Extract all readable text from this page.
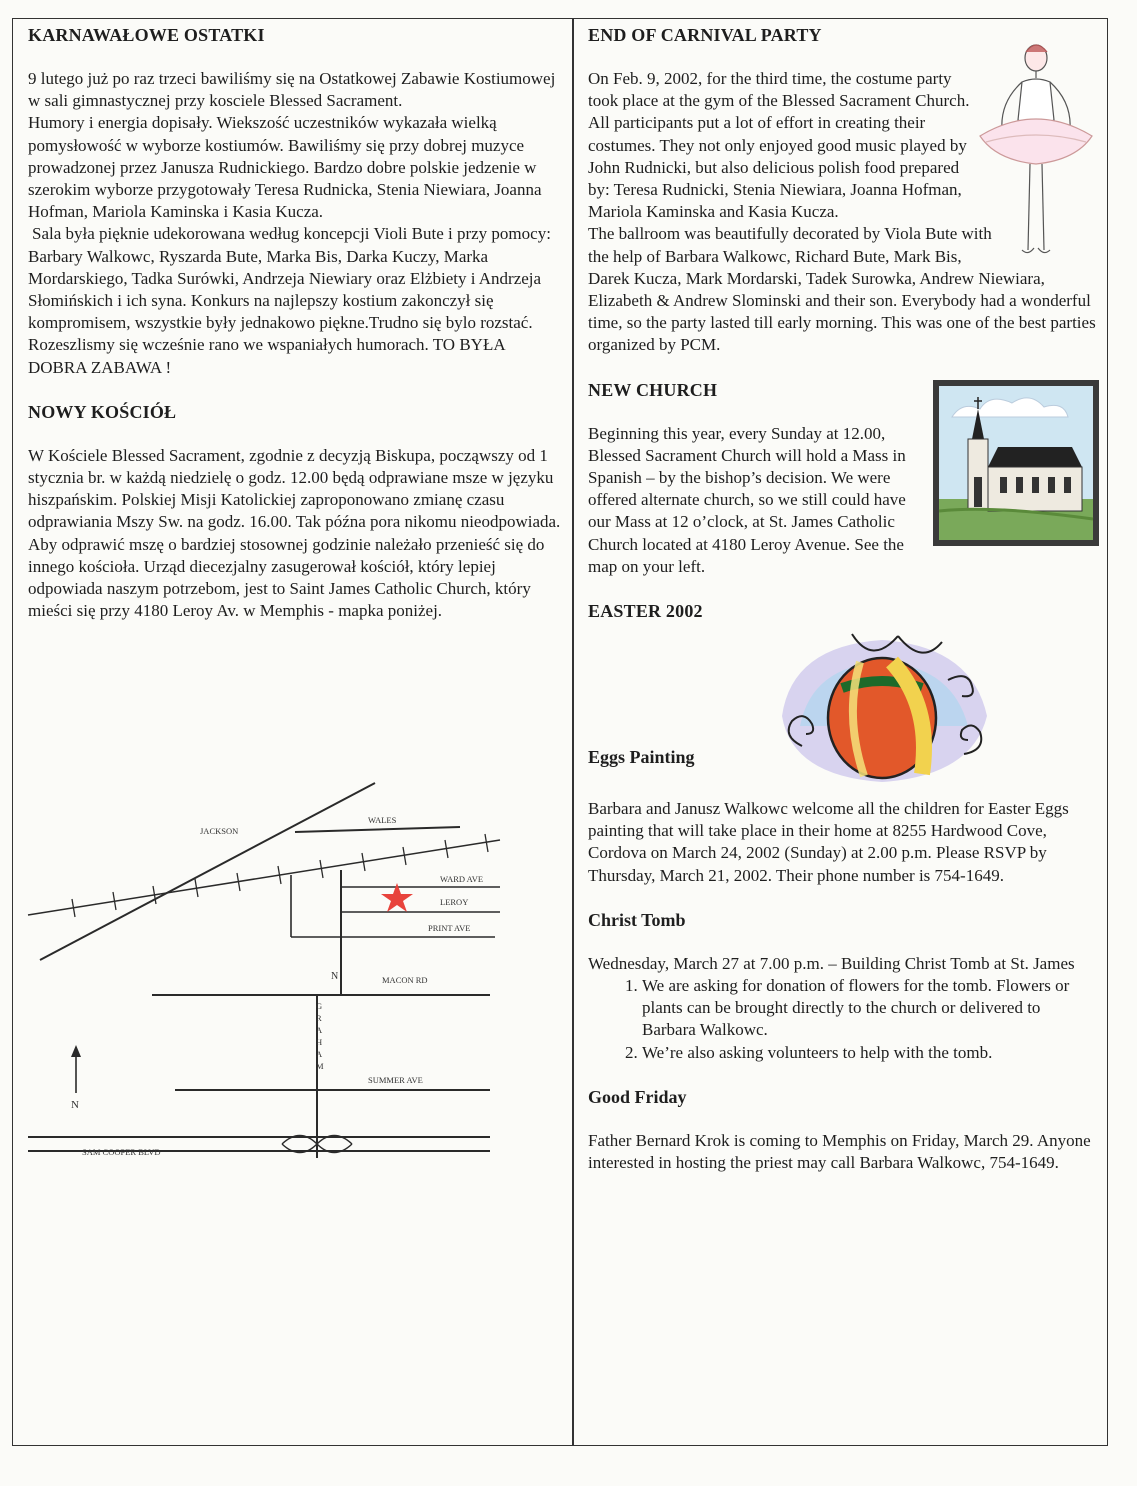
KARNAWAŁOWE OSTATKI

9 lutego już po raz trzeci bawiliśmy się na Ostatkowej Zabawie Kostiumowej w sali gimnastycznej przy kosciele Blessed Sacrament.

Humory i energia dopisały. Wiekszość uczestników wykazała wielką pomysłowość w wyborze kostiumów. Bawiliśmy się przy dobrej muzyce prowadzonej przez Janusza Rudnickiego. Bardzo dobre polskie jedzenie w szerokim wyborze przygotowały Teresa Rudnicka, Stenia Niewiara, Joanna Hofman, Mariola Kaminska i Kasia Kucza.

Sala była pięknie udekorowana według koncepcji Violi Bute i przy pomocy: Barbary Walkowc, Ryszarda Bute, Marka Bis, Darka Kuczy, Marka Mordarskiego, Tadka Surówki, Andrzeja Niewiary oraz Elżbiety i Andrzeja Słomińskich i ich syna. Konkurs na najlepszy kostium zakonczył się kompromisem, wszystkie były jednakowo piękne.Trudno się bylo rozstać. Rozeszlismy się wcześnie rano we wspaniałych humorach. TO BYŁA DOBRA ZABAWA !

NOWY KOŚCIÓŁ

W Kościele Blessed Sacrament, zgodnie z decyzją Biskupa, począwszy od 1 stycznia br. w każdą niedzielę o godz. 12.00 będą odprawiane msze w języku hiszpańskim. Polskiej Misji Katolickiej zaproponowano zmianę czasu odprawiania Mszy Sw. na godz. 16.00. Tak późna pora nikomu nieodpowiada. Aby odprawić mszę o bardziej stosownej godzinie należało przenieść się do innego kościoła. Urząd diecezjalny zasugerował kościół, który lepiej odpowiada naszym potrzebom, jest to Saint James Catholic Church, który mieści się przy 4180 Leroy Av. w Memphis - mapka poniżej.

JACKSON
WALES
WARD AVE
LEROY
PRINT AVE
MACON RD
SUMMER AVE
SAM COOPER BLVD
N
N
G
R
A
H
A
M
END OF CARNIVAL PARTY

On Feb. 9, 2002, for the third time, the costume party took place at the gym of the Blessed Sacrament Church. All participants put a lot of effort in creating their costumes. They not only enjoyed good music played by John Rudnicki, but also delicious polish food prepared by: Teresa Rudnicki, Stenia Niewiara, Joanna Hofman, Mariola Kaminska and Kasia Kucza.

The ballroom was beautifully decorated by Viola Bute with the help of Barbara Walkowc, Richard Bute, Mark Bis, Darek Kucza, Mark Mordarski, Tadek Surowka, Andrew Niewiara, Elizabeth & Andrew Slominski and their son. Everybody had a wonderful time, so the party lasted till early morning. This was one of the best parties organized by PCM.

NEW CHURCH

Beginning this year, every Sunday at 12.00, Blessed Sacrament Church will hold a Mass in Spanish – by the bishop’s decision. We were offered alternate church, so we still could have our Mass at 12 o’clock, at St. James Catholic Church located at 4180 Leroy Avenue. See the map on your left.

EASTER 2002
Eggs Painting

Barbara and Janusz Walkowc welcome all the children for Easter Eggs painting that will take place in their home at 8255 Hardwood Cove, Cordova on March 24, 2002 (Sunday) at 2.00 p.m. Please RSVP by Thursday, March 21, 2002. Their phone number is 754-1649.

Christ Tomb

Wednesday, March 27 at 7.00 p.m. – Building Christ Tomb at St. James

1. We are asking for donation of flowers for the tomb. Flowers or plants can be brought directly to the church or delivered to Barbara Walkowc.
2. We’re also asking volunteers to help with the tomb.
Good Friday

Father Bernard Krok is coming to Memphis on Friday, March 29. Anyone interested in hosting the priest may call Barbara Walkowc, 754-1649.
